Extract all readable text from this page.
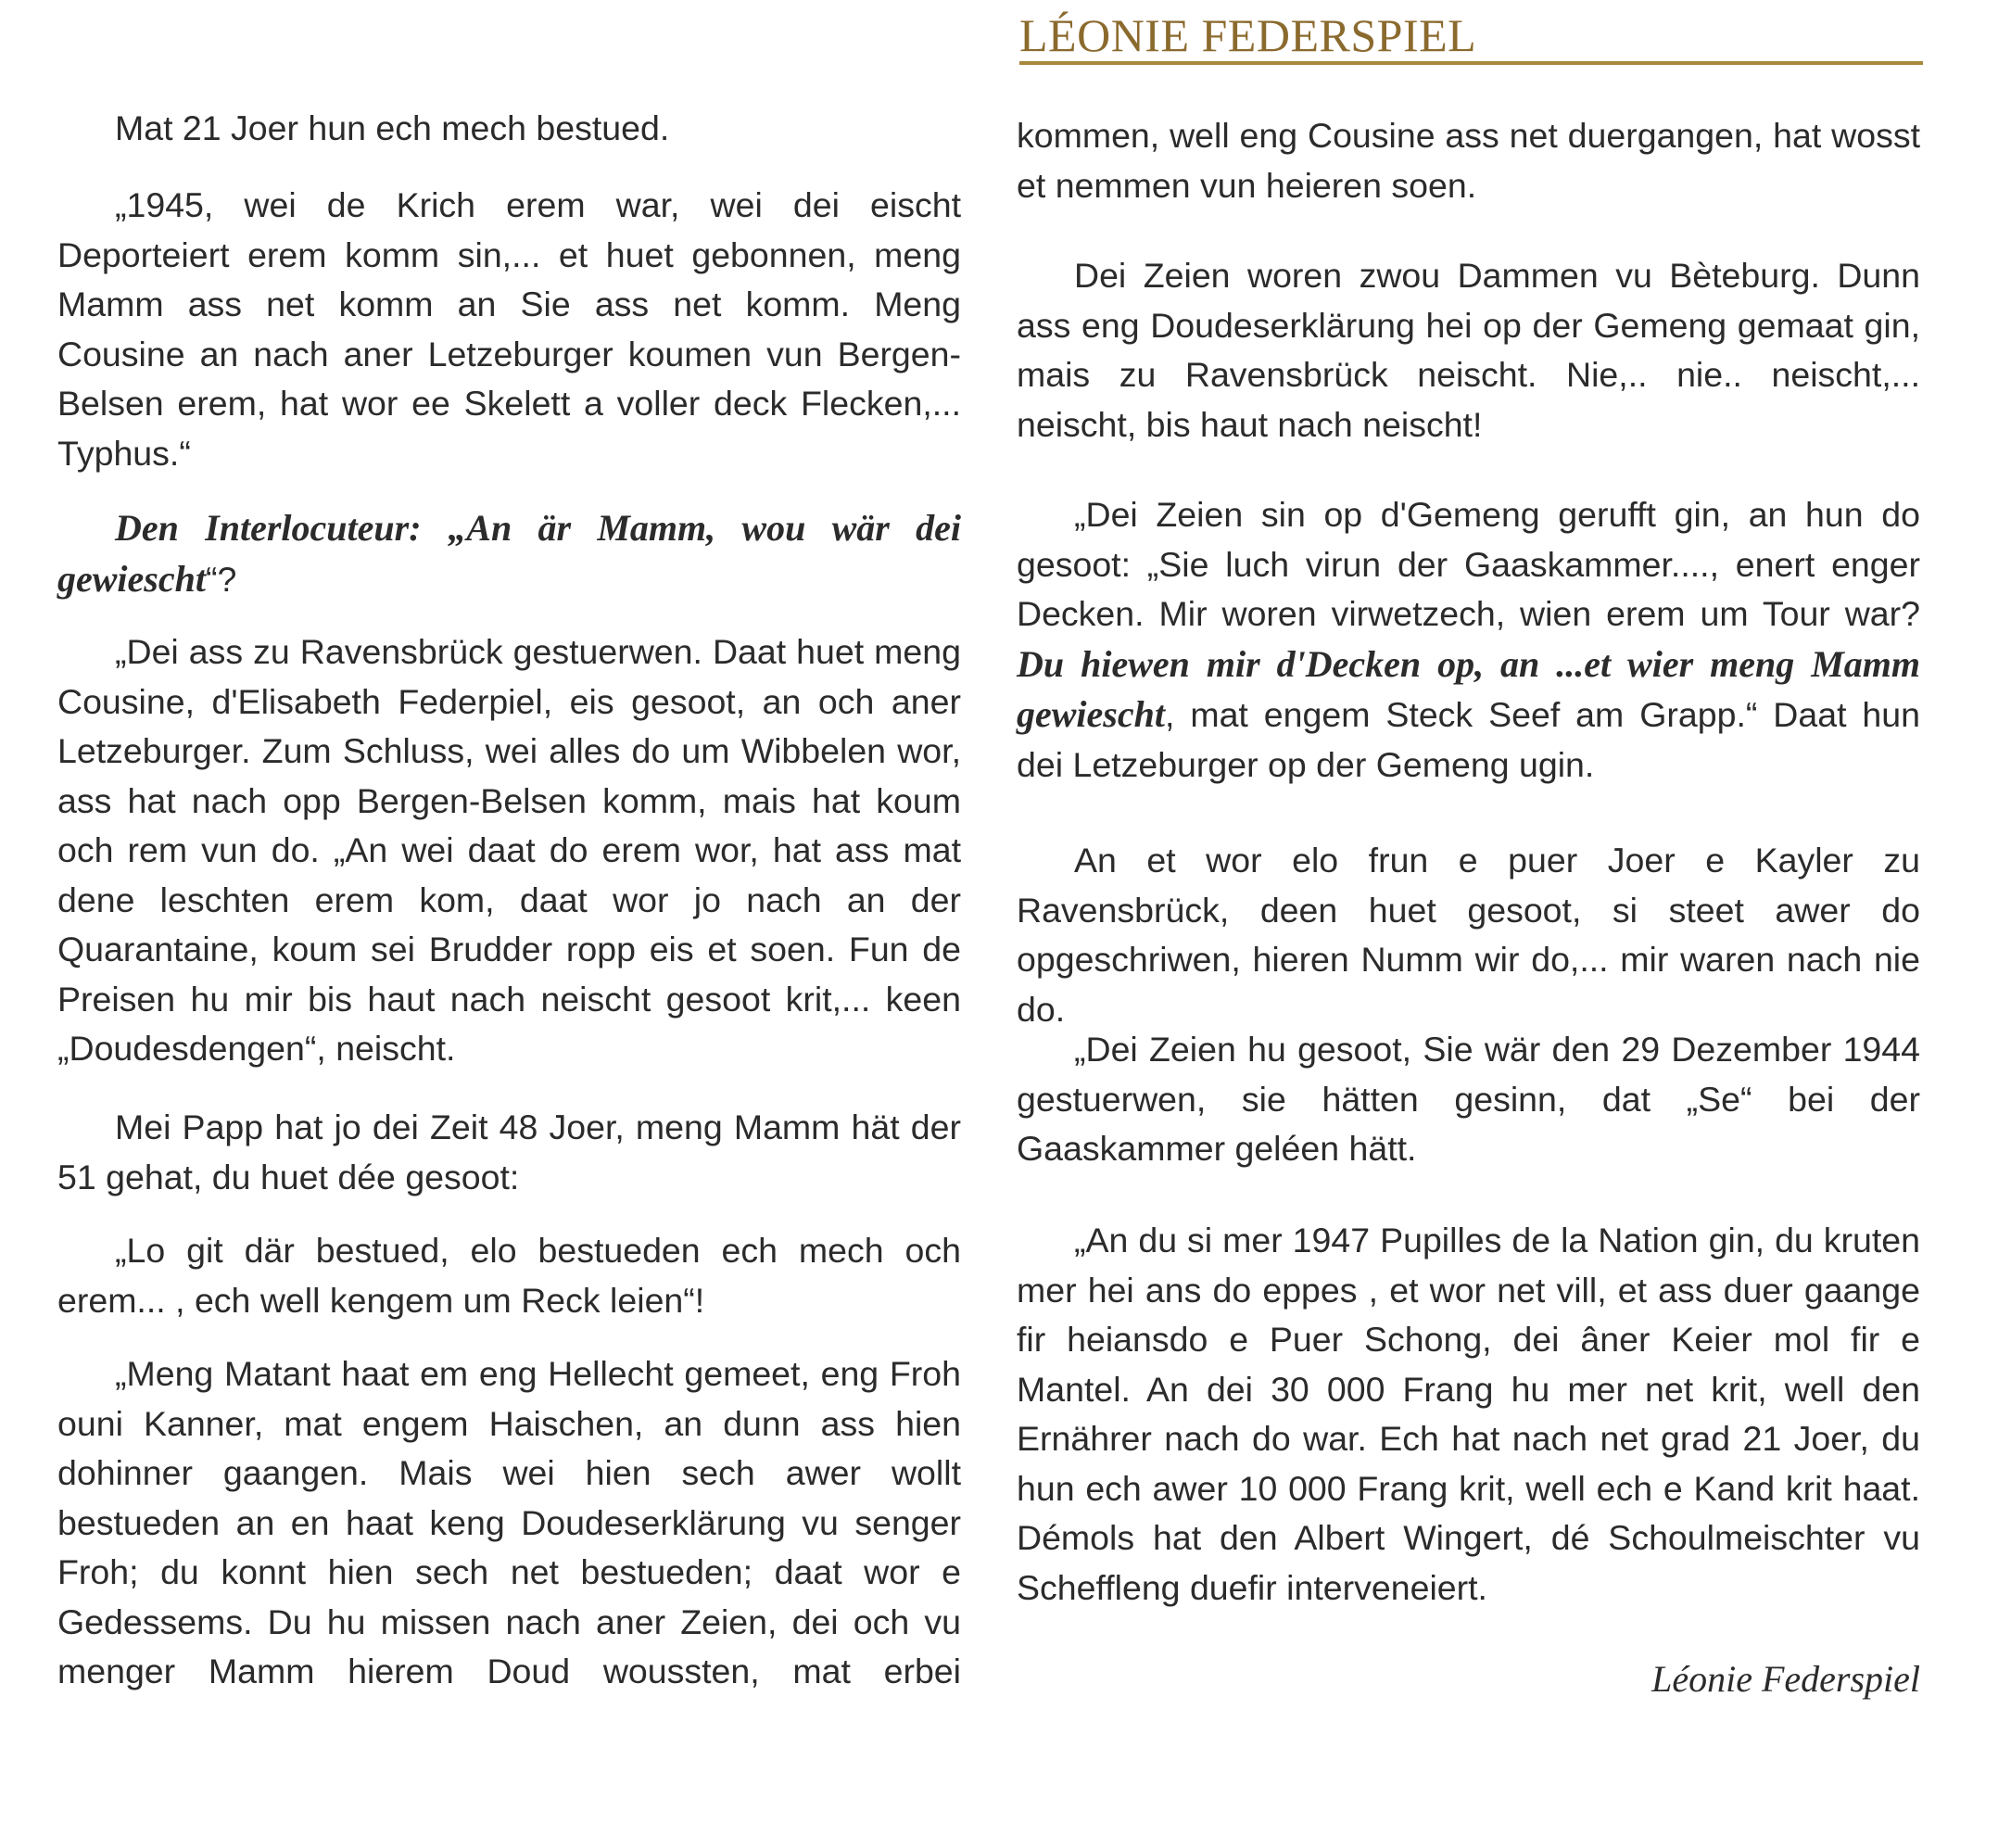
LÉONIE FEDERSPIEL

Mat 21 Joer hun ech mech bestued.

„1945, wei de Krich erem war, wei dei eischt Deporteiert erem komm sin,... et huet gebonnen, meng Mamm ass net komm an Sie ass net komm. Meng Cousine an nach aner Letzeburger koumen vun Bergen-Belsen erem, hat wor ee Skelett a voller deck Flecken,... Typhus.“

Den Interlocuteur: „An är Mamm, wou wär dei gewiescht“?

„Dei ass zu Ravensbrück gestuerwen. Daat huet meng Cousine, d'Elisabeth Federpiel, eis gesoot, an och aner Letzeburger. Zum Schluss, wei alles do um Wibbelen wor, ass hat nach opp Bergen-Belsen komm, mais hat koum och rem vun do. „An wei daat do erem wor, hat ass mat dene leschten erem kom, daat wor jo nach an der Quarantaine, koum sei Brudder ropp eis et soen. Fun de Preisen hu mir bis haut nach neischt gesoot krit,... keen „Doudesdengen“, neischt.

Mei Papp hat jo dei Zeit 48 Joer, meng Mamm hät der 51 gehat, du huet dée gesoot:

„Lo git där bestued, elo bestueden ech mech och erem... , ech well kengem um Reck leien“!

„Meng Matant haat em eng Hellecht gemeet, eng Froh ouni Kanner, mat engem Haischen, an dunn ass hien dohinner gaangen. Mais wei hien sech awer wollt bestueden an en haat keng Doudeserklärung vu senger Froh; du konnt hien sech net bestueden; daat wor e Gedessems. Du hu missen nach aner Zeien, dei och vu menger Mamm hierem Doud woussten, mat erbei

kommen, well eng Cousine ass net duergangen, hat wosst et nemmen vun heieren soen.

Dei Zeien woren zwou Dammen vu Bèteburg. Dunn ass eng Doudeserklärung hei op der Gemeng gemaat gin, mais zu Ravensbrück neischt. Nie,.. nie.. neischt,... neischt, bis haut nach neischt!

„Dei Zeien sin op d'Gemeng gerufft gin, an hun do gesoot: „Sie luch virun der Gaaskammer...., enert enger Decken. Mir woren virwetzech, wien erem um Tour war? Du hiewen mir d'Decken op, an ...et wier meng Mamm gewiescht, mat engem Steck Seef am Grapp.“ Daat hun dei Letzeburger op der Gemeng ugin.

An et wor elo frun e puer Joer e Kayler zu Ravensbrück, deen huet gesoot, si steet awer do opgeschriwen, hieren Numm wir do,... mir waren nach nie do.

„Dei Zeien hu gesoot, Sie wär den 29 Dezember 1944 gestuerwen, sie hätten gesinn, dat „Se“ bei der Gaaskammer geléen hätt.

„An du si mer 1947 Pupilles de la Nation gin, du kruten mer hei ans do eppes , et wor net vill, et ass duer gaange fir heiansdo e Puer Schong, dei âner Keier mol fir e Mantel. An dei 30 000 Frang hu mer net krit, well den Ernährer nach do war. Ech hat nach net grad 21 Joer, du hun ech awer 10 000 Frang krit, well ech e Kand krit haat. Démols hat den Albert Wingert, dé Schoulmeischter vu Scheffleng duefir interveneiert.

Léonie Federspiel
